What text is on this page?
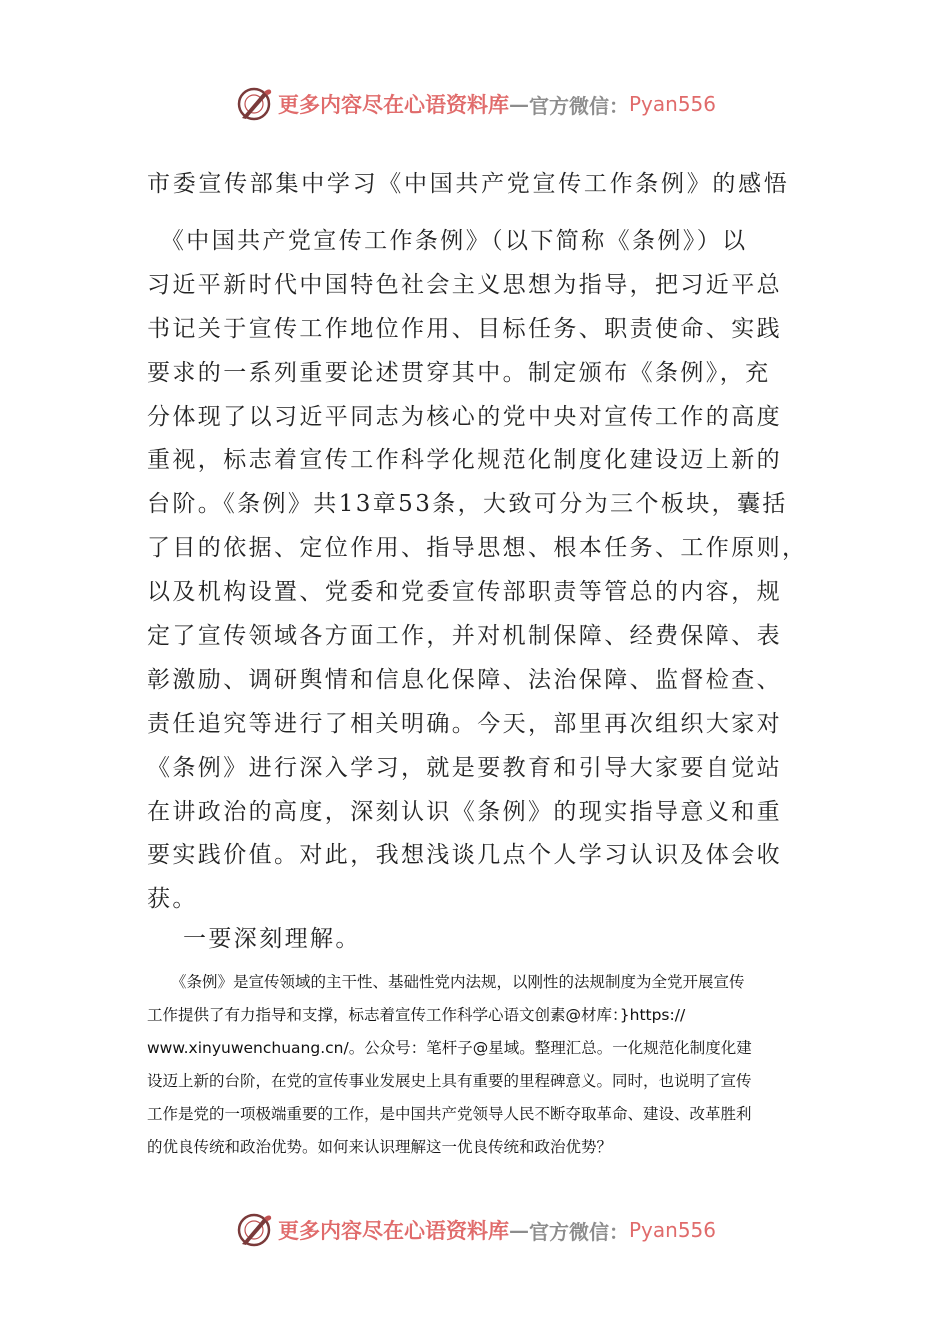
更多内容尽在心语资料库 — 官方微信： Pyan556
市委宣传部集中学习《中国共产党宣传工作条例》的感悟
　《中国共产党宣传工作条例》（以下简称《条例》）以
习近平新时代中国特色社会主义思想为指导，把习近平总
书记关于宣传工作地位作用、目标任务、职责使命、实践
要求的一系列重要论述贯穿其中。制定颁布《条例》，充
分体现了以习近平同志为核心的党中央对宣传工作的高度
重视，标志着宣传工作科学化规范化制度化建设迈上新的
台阶。《条例》共13章53条，大致可分为三个板块，囊括
了目的依据、定位作用、指导思想、根本任务、工作原则，
以及机构设置、党委和党委宣传部职责等管总的内容，规
定了宣传领域各方面工作，并对机制保障、经费保障、表
彰激励、调研舆情和信息化保障、法治保障、监督检查、
责任追究等进行了相关明确。今天，部里再次组织大家对
《条例》进行深入学习，就是要教育和引导大家要自觉站
在讲政治的高度，深刻认识《条例》的现实指导意义和重
要实践价值。对此，我想浅谈几点个人学习认识及体会收
获。
一要深刻理解。
《条例》是宣传领域的主干性、基础性党内法规，以刚性的法规制度为全党开展宣传
工作提供了有力指导和支撑，标志着宣传工作科学心语文创素@材库：}https://
www.xinyuwenchuang.cn/。公众号：笔杆子@星域。整理汇总。一化规范化制度化建
设迈上新的台阶，在党的宣传事业发展史上具有重要的里程碑意义。同时，也说明了宣传
工作是党的一项极端重要的工作，是中国共产党领导人民不断夺取革命、建设、改革胜利
的优良传统和政治优势。如何来认识理解这一优良传统和政治优势？
更多内容尽在心语资料库 — 官方微信： Pyan556
